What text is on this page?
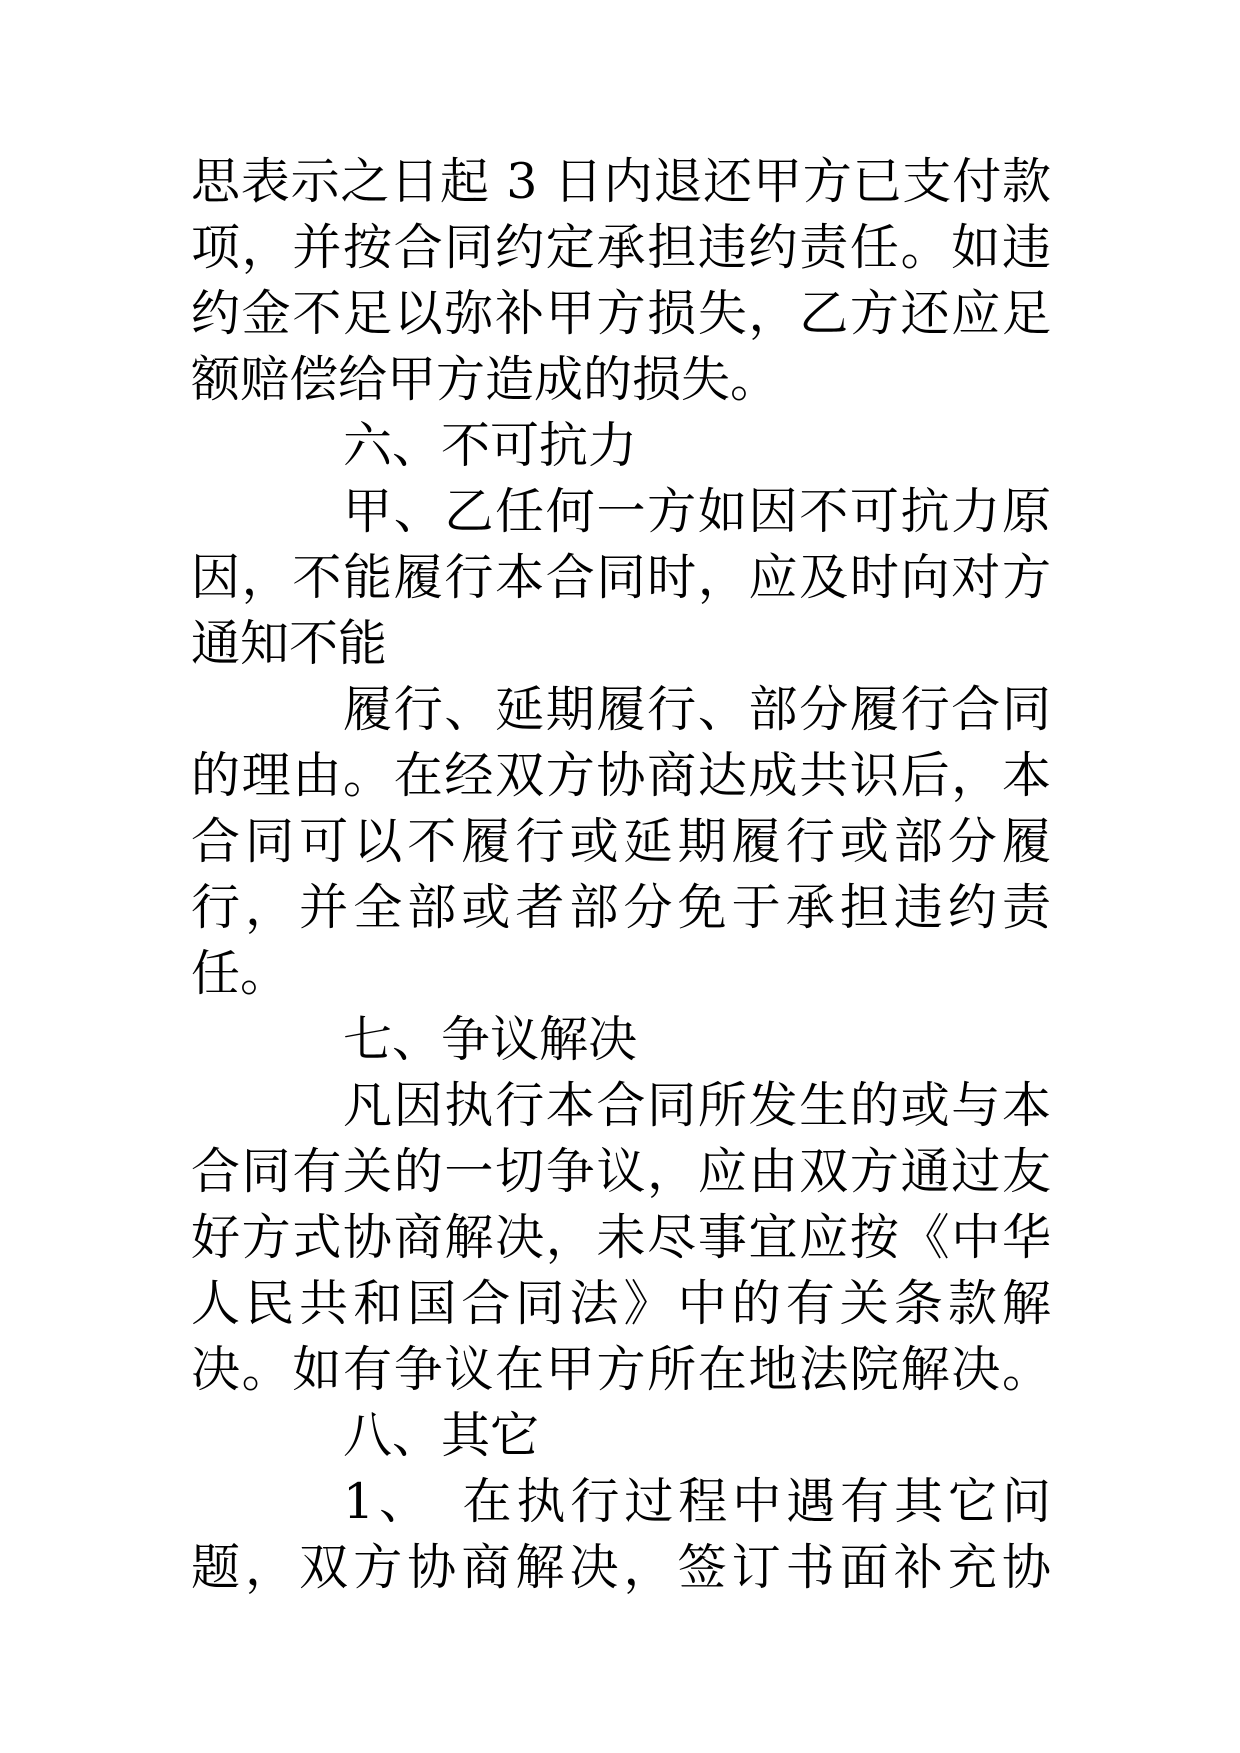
思表示之日起 3 日内退还甲方已支付款
项，并按合同约定承担违约责任。如违
约金不足以弥补甲方损失，乙方还应足
额赔偿给甲方造成的损失。
六、不可抗力
甲、乙任何一方如因不可抗力原
因，不能履行本合同时，应及时向对方
通知不能
履行、延期履行、部分履行合同
的理由。在经双方协商达成共识后，本
合同可以不履行或延期履行或部分履
行，并全部或者部分免于承担违约责
任。
七、争议解决
凡因执行本合同所发生的或与本
合同有关的一切争议，应由双方通过友
好方式协商解决，未尽事宜应按《中华
人民共和国合同法》中的有关条款解
决。如有争议在甲方所在地法院解决。
八、其它
1、　在执行过程中遇有其它问
题，双方协商解决，签订书面补充协
